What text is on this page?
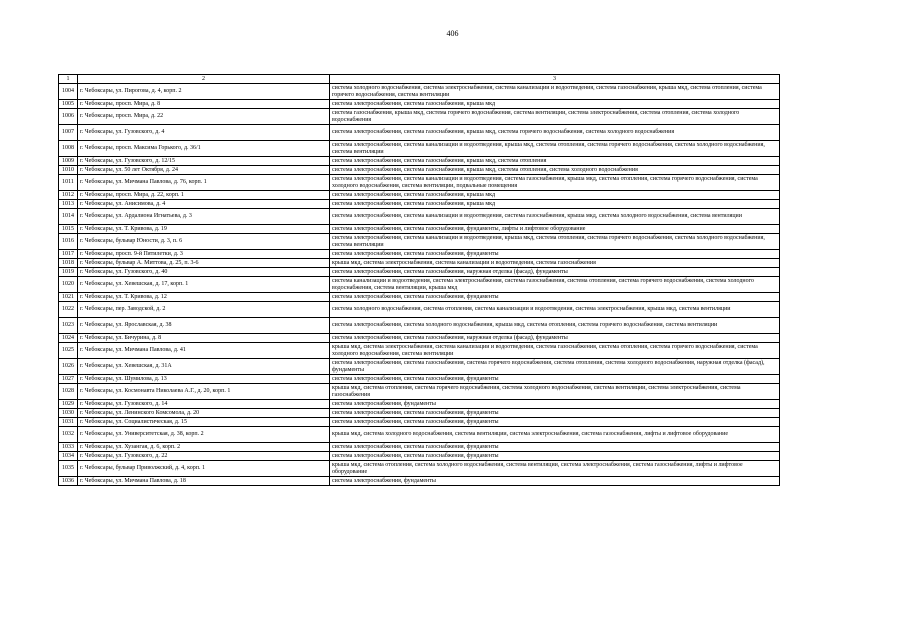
406
1	2	3
1004	г. Чебоксары, ул. Пирогова, д. 4, корп. 2	система холодного водоснабжения, система электроснабжения, система канализации и водоотведения, система газоснабжения, крыша мкд, система отопления, система горячего водоснабжения, система вентиляции
1005	г. Чебоксары, просп. Мира, д. 8	система электроснабжения, система газоснабжения, крыша мкд
1006	г. Чебоксары, просп. Мира, д. 22	система газоснабжения, крыша мкд, система горячего водоснабжения, система вентиляции, система электроснабжения, система отопления, система холодного водоснабжения
1007	г. Чебоксары, ул. Гузовского, д. 4	система электроснабжения, система газоснабжения, крыша мкд, система горячего водоснабжения, система холодного водоснабжения
1008	г. Чебоксары, просп. Максима Горького, д. 36/1	система электроснабжения, система канализации и водоотведения, крыша мкд, система отопления, система горячего водоснабжения, система холодного водоснабжения, система вентиляции
1009	г. Чебоксары, ул. Гузовского, д. 12/15	система электроснабжения, система газоснабжения, крыша мкд, система отопления
1010	г. Чебоксары, ул. 50 лет Октября, д. 24	система электроснабжения, система газоснабжения, крыша мкд, система отопления, система холодного водоснабжения
1011	г. Чебоксары, ул. Мичмана Павлова, д. 76, корп. 1	система электроснабжения, система канализации и водоотведения, система газоснабжения, крыша мкд, система отопления, система горячего водоснабжения, система холодного водоснабжения, система вентиляции, подвальные помещения
1012	г. Чебоксары, просп. Мира, д. 22, корп. 1	система электроснабжения, система газоснабжения, крыша мкд
1013	г. Чебоксары, ул. Анисимова, д. 4	система электроснабжения, система газоснабжения, крыша мкд
1014	г. Чебоксары, ул. Ардалиона Игнатьева, д. 3	система электроснабжения, система канализации и водоотведения, система газоснабжения, крыша мкд, система холодного водоснабжения, система вентиляции
1015	г. Чебоксары, ул. Т. Кривова, д. 19	система электроснабжения, система газоснабжения, фундаменты, лифты и лифтовое оборудование
1016	г. Чебоксары, бульвар Юности, д. 3, п. 6	система электроснабжения, система канализации и водоотведения, крыша мкд, система отопления, система горячего водоснабжения, система холодного водоснабжения, система вентиляции
1017	г. Чебоксары, просп. 9-й Пятилетки, д. 3	система электроснабжения, система газоснабжения, фундаменты
1018	г. Чебоксары, бульвар А. Миттова, д. 25, п. 3-6	крыша мкд, система электроснабжения, система канализации и водоотведения, система газоснабжения
1019	г. Чебоксары, ул. Гузовского, д. 40	система электроснабжения, система газоснабжения, наружная отделка (фасад), фундаменты
1020	г. Чебоксары, ул. Хевешская, д. 17, корп. 1	система канализации и водоотведения, система электроснабжения, система газоснабжения, система отопления, система горячего водоснабжения, система холодного водоснабжения, система вентиляции, крыша мкд
1021	г. Чебоксары, ул. Т. Кривова, д. 12	система электроснабжения, система газоснабжения, фундаменты
1022	г. Чебоксары, пер. Заводской, д. 2	система холодного водоснабжения, система отопления, система канализации и водоотведения, система электроснабжения, крыша мкд, система вентиляции
1023	г. Чебоксары, ул. Ярославская, д. 38	система электроснабжения, система холодного водоснабжения, крыша мкд, система отопления, система горячего водоснабжения, система вентиляции
1024	г. Чебоксары, ул. Бичурина, д. 8	система электроснабжения, система газоснабжения, наружная отделка (фасад), фундаменты
1025	г. Чебоксары, ул. Мичмана Павлова, д. 41	крыша мкд, система электроснабжения, система канализации и водоотведения, система газоснабжения, система отопления, система горячего водоснабжения, система холодного водоснабжения, система вентиляции
1026	г. Чебоксары, ул. Хевешская, д. 31А	система электроснабжения, система газоснабжения, система горячего водоснабжения, система отопления, система холодного водоснабжения, наружная отделка (фасад), фундаменты
1027	г. Чебоксары, ул. Шумилова, д. 13	система электроснабжения, система газоснабжения, фундаменты
1028	г. Чебоксары, ул. Космонавта Николаева А.Г., д. 20, корп. 1	крыша мкд, система отопления, система горячего водоснабжения, система холодного водоснабжения, система вентиляции, система электроснабжения, система газоснабжения
1029	г. Чебоксары, ул. Гузовского, д. 14	система электроснабжения, фундаменты
1030	г. Чебоксары, ул. Ленинского Комсомола, д. 20	система электроснабжения, система газоснабжения, фундаменты
1031	г. Чебоксары, ул. Социалистическая, д. 15	система электроснабжения, система газоснабжения, фундаменты
1032	г. Чебоксары, ул. Университетская, д. 38, корп. 2	крыша мкд, система холодного водоснабжения, система вентиляции, система электроснабжения, система газоснабжения, лифты и лифтовое оборудование
1033	г. Чебоксары, ул. Хузангая, д. 6, корп. 2	система электроснабжения, система газоснабжения, фундаменты
1034	г. Чебоксары, ул. Гузовского, д. 22	система электроснабжения, система газоснабжения, фундаменты
1035	г. Чебоксары, бульвар Приволжский, д. 4, корп. 1	крыша мкд, система отопления, система холодного водоснабжения, система вентиляции, система электроснабжения, система газоснабжения, лифты и лифтовое оборудование
1036	г. Чебоксары, ул. Мичмана Павлова, д. 18	система электроснабжения, фундаменты
